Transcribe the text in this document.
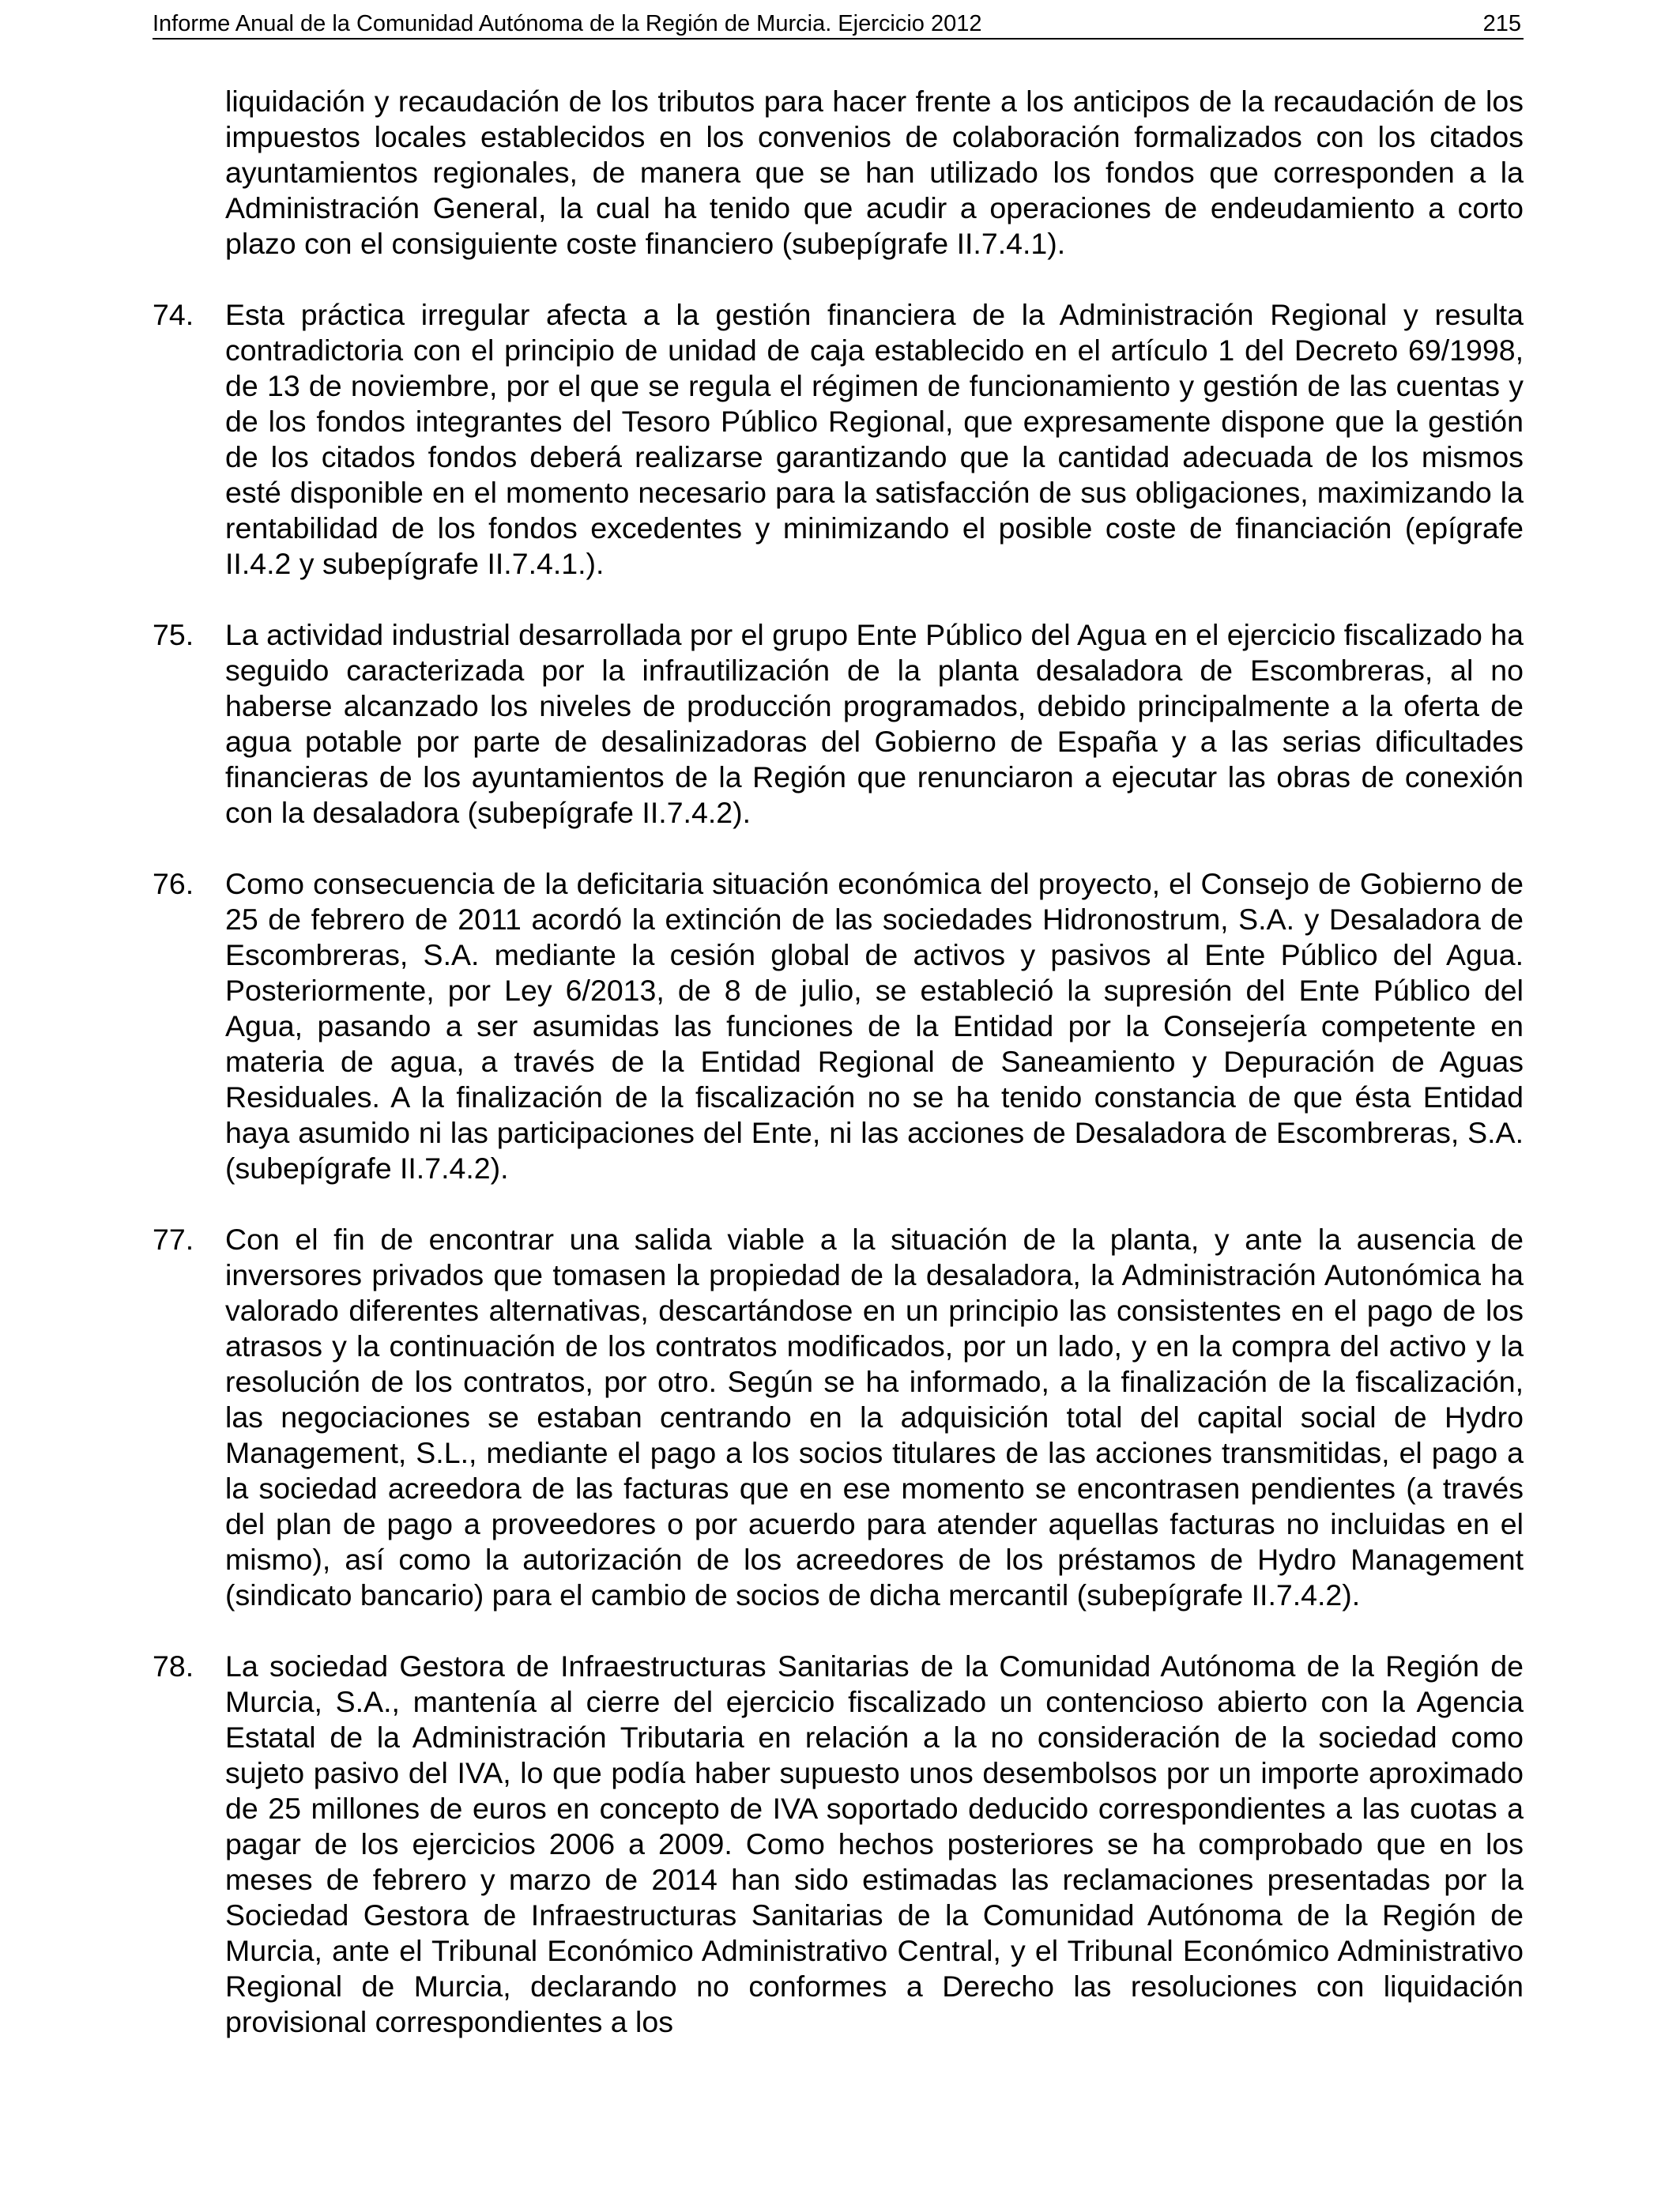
Informe Anual de la Comunidad Autónoma de la Región de Murcia. Ejercicio 2012	215
liquidación y recaudación de los tributos para hacer frente a los anticipos de la recaudación de los impuestos locales establecidos en los convenios de colaboración formalizados con los citados ayuntamientos regionales, de manera que se han utilizado los fondos que corresponden a la Administración General, la cual ha tenido que acudir a operaciones de endeudamiento a corto plazo con el consiguiente coste financiero (subepígrafe II.7.4.1).
74. Esta práctica irregular afecta a la gestión financiera de la Administración Regional y resulta contradictoria con el principio de unidad de caja establecido en el artículo 1 del Decreto 69/1998, de 13 de noviembre, por el que se regula el régimen de funcionamiento y gestión de las cuentas y de los fondos integrantes del Tesoro Público Regional, que expresamente dispone que la gestión de los citados fondos deberá realizarse garantizando que la cantidad adecuada de los mismos esté disponible en el momento necesario para la satisfacción de sus obligaciones, maximizando la rentabilidad de los fondos excedentes y minimizando el posible coste de financiación (epígrafe II.4.2 y subepígrafe II.7.4.1.).
75. La actividad industrial desarrollada por el grupo Ente Público del Agua en el ejercicio fiscalizado ha seguido caracterizada por la infrautilización de la planta desaladora de Escombreras, al no haberse alcanzado los niveles de producción programados, debido principalmente a la oferta de agua potable por parte de desalinizadoras del Gobierno de España y a las serias dificultades financieras de los ayuntamientos de la Región que renunciaron a ejecutar las obras de conexión con la desaladora (subepígrafe II.7.4.2).
76. Como consecuencia de la deficitaria situación económica del proyecto, el Consejo de Gobierno de 25 de febrero de 2011 acordó la extinción de las sociedades Hidronostrum, S.A. y Desaladora de Escombreras, S.A. mediante la cesión global de activos y pasivos al Ente Público del Agua. Posteriormente, por Ley 6/2013, de 8 de julio, se estableció la supresión del Ente Público del Agua, pasando a ser asumidas las funciones de la Entidad por la Consejería competente en materia de agua, a través de la Entidad Regional de Saneamiento y Depuración de Aguas Residuales. A la finalización de la fiscalización no se ha tenido constancia de que ésta Entidad haya asumido ni las participaciones del Ente, ni las acciones de Desaladora de Escombreras, S.A. (subepígrafe II.7.4.2).
77. Con el fin de encontrar una salida viable a la situación de la planta, y ante la ausencia de inversores privados que tomasen la propiedad de la desaladora, la Administración Autonómica ha valorado diferentes alternativas, descartándose en un principio las consistentes en el pago de los atrasos y la continuación de los contratos modificados, por un lado, y en la compra del activo y la resolución de los contratos, por otro. Según se ha informado, a la finalización de la fiscalización, las negociaciones se estaban centrando en la adquisición total del capital social de Hydro Management, S.L., mediante el pago a los socios titulares de las acciones transmitidas, el pago a la sociedad acreedora de las facturas que en ese momento se encontrasen pendientes (a través del plan de pago a proveedores o por acuerdo para atender aquellas facturas no incluidas en el mismo), así como la autorización de los acreedores de los préstamos de Hydro Management (sindicato bancario) para el cambio de socios de dicha mercantil (subepígrafe II.7.4.2).
78. La sociedad Gestora de Infraestructuras Sanitarias de la Comunidad Autónoma de la Región de Murcia, S.A., mantenía al cierre del ejercicio fiscalizado un contencioso abierto con la Agencia Estatal de la Administración Tributaria en relación a la no consideración de la sociedad como sujeto pasivo del IVA, lo que podía haber supuesto unos desembolsos por un importe aproximado de 25 millones de euros en concepto de IVA soportado deducido correspondientes a las cuotas a pagar de los ejercicios 2006 a 2009. Como hechos posteriores se ha comprobado que en los meses de febrero y marzo de 2014 han sido estimadas las reclamaciones presentadas por la Sociedad Gestora de Infraestructuras Sanitarias de la Comunidad Autónoma de la Región de Murcia, ante el Tribunal Económico Administrativo Central, y el Tribunal Económico Administrativo Regional de Murcia, declarando no conformes a Derecho las resoluciones con liquidación provisional correspondientes a los
